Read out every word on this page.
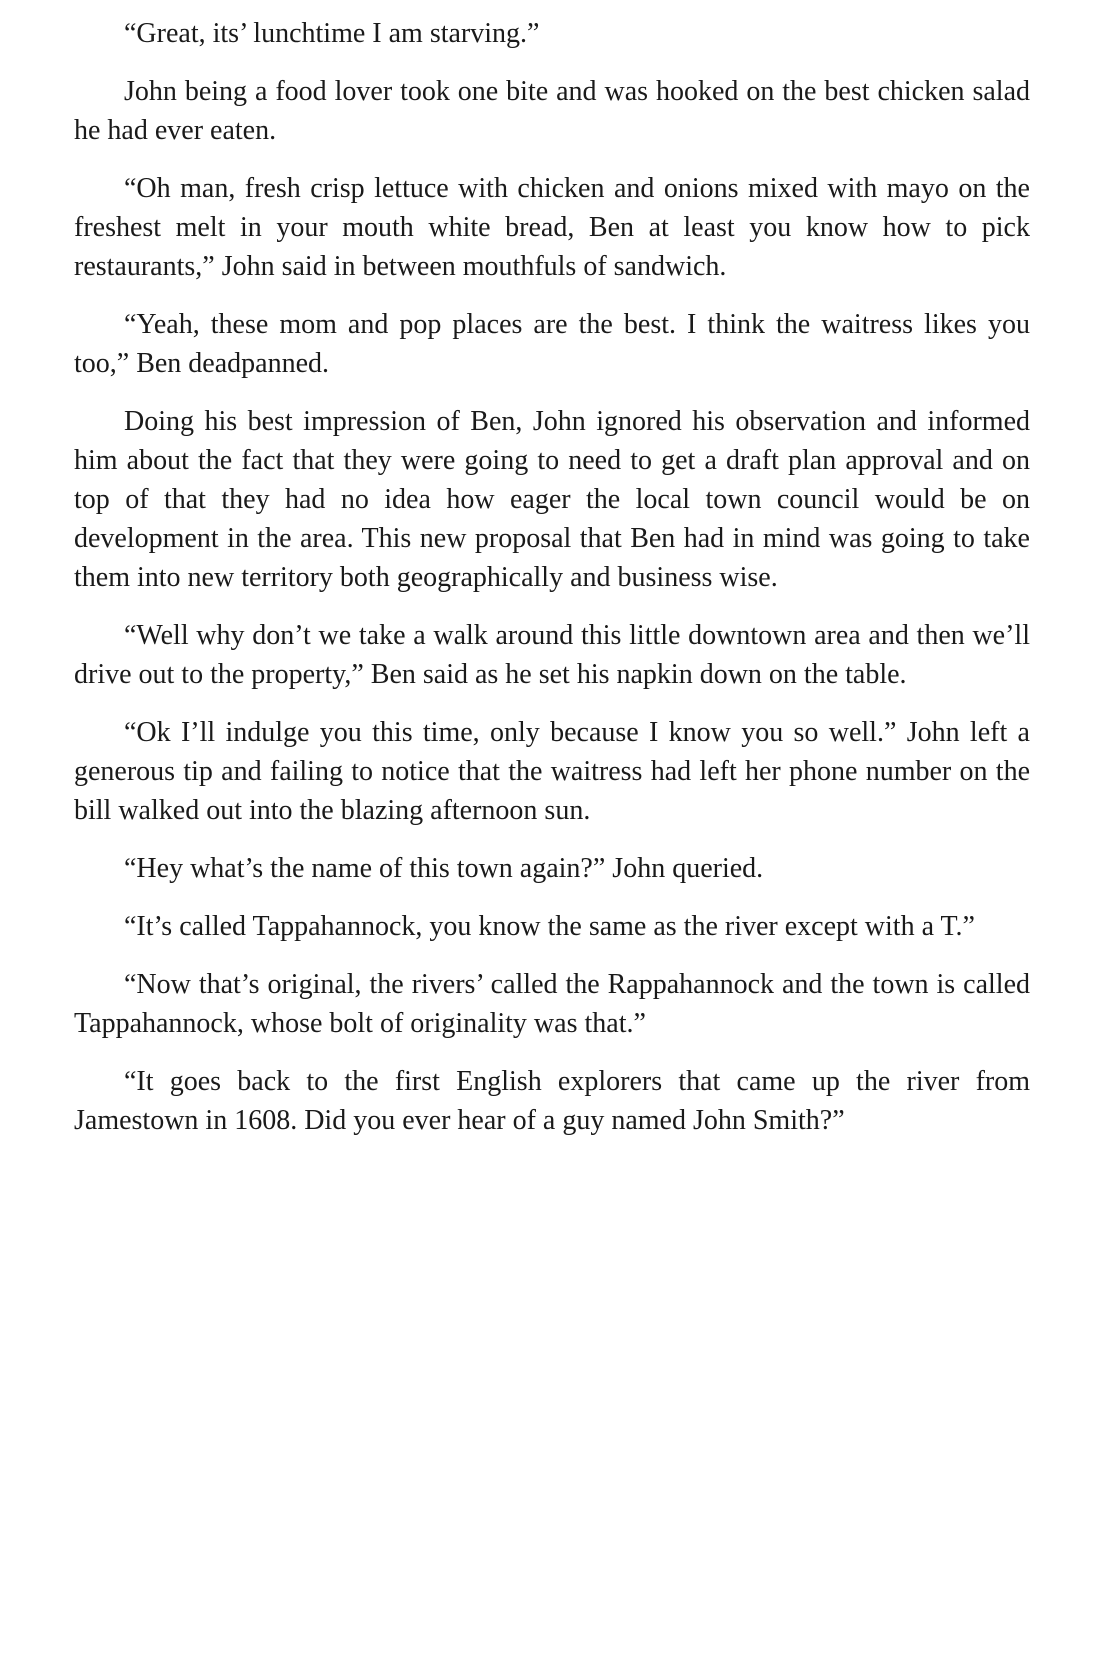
“Great, its’ lunchtime I am starving.”

John being a food lover took one bite and was hooked on the best chicken salad he had ever eaten.

“Oh man, fresh crisp lettuce with chicken and onions mixed with mayo on the freshest melt in your mouth white bread, Ben at least you know how to pick restaurants,” John said in between mouthfuls of sandwich.

“Yeah, these mom and pop places are the best. I think the waitress likes you too,” Ben deadpanned.

Doing his best impression of Ben, John ignored his observation and informed him about the fact that they were going to need to get a draft plan approval and on top of that they had no idea how eager the local town council would be on development in the area. This new proposal that Ben had in mind was going to take them into new territory both geographically and business wise.

“Well why don’t we take a walk around this little downtown area and then we’ll drive out to the property,” Ben said as he set his napkin down on the table.

“Ok I’ll indulge you this time, only because I know you so well.” John left a generous tip and failing to notice that the waitress had left her phone number on the bill walked out into the blazing afternoon sun.

“Hey what’s the name of this town again?” John queried.

“It’s called Tappahannock, you know the same as the river except with a T.”

“Now that’s original, the rivers’ called the Rappahannock and the town is called Tappahannock, whose bolt of originality was that.”

“It goes back to the first English explorers that came up the river from Jamestown in 1608. Did you ever hear of a guy named John Smith?”
